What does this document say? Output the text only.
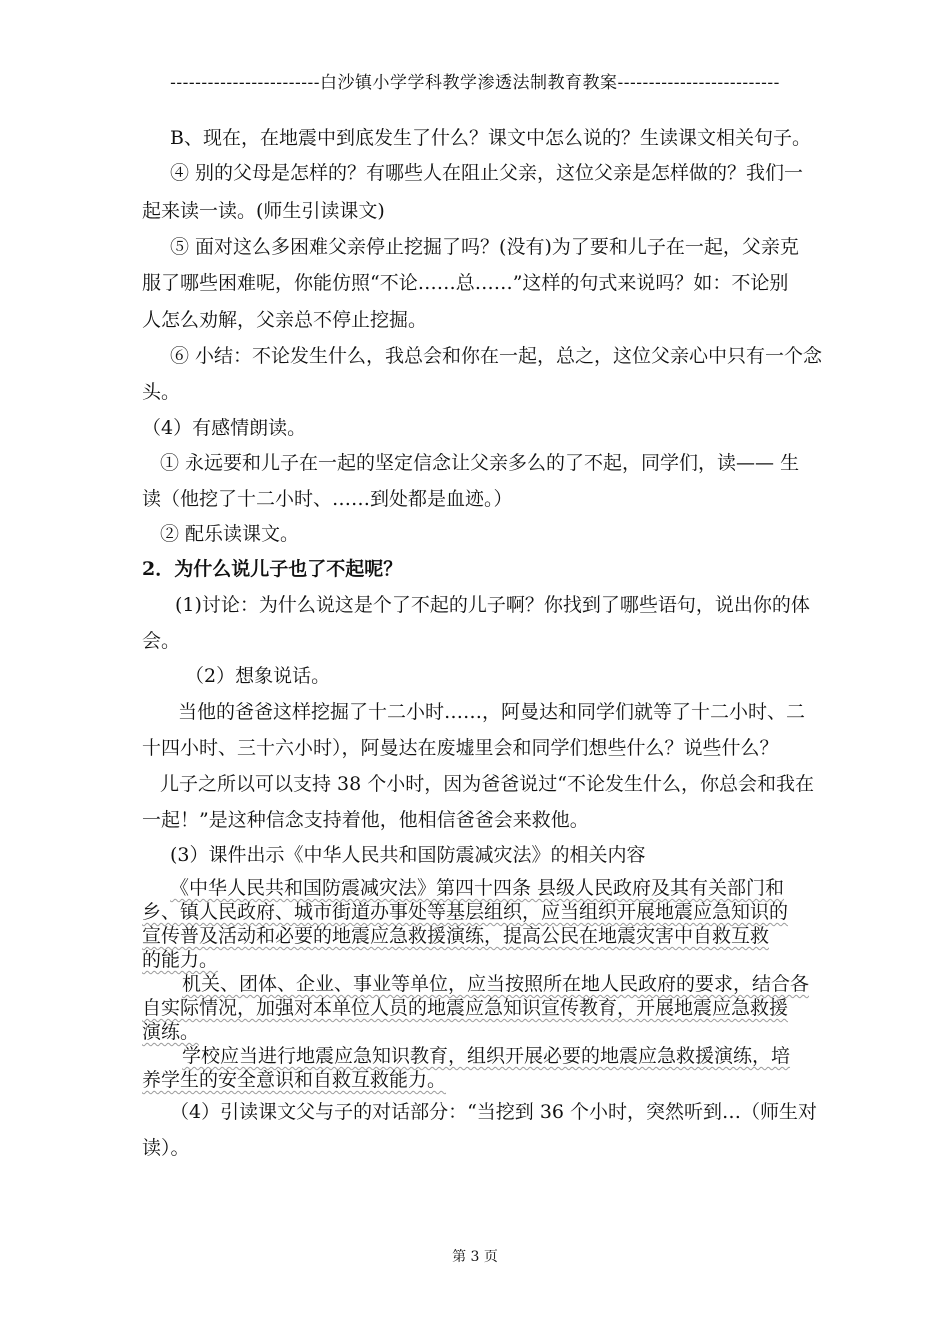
------------------------白沙镇小学学科教学渗透法制教育教案--------------------------
B、现在，在地震中到底发生了什么？课文中怎么说的？生读课文相关句子。
④ 别的父母是怎样的？有哪些人在阻止父亲，这位父亲是怎样做的？我们一
起来读一读。(师生引读课文)
⑤ 面对这么多困难父亲停止挖掘了吗？(没有)为了要和儿子在一起，父亲克
服了哪些困难呢，你能仿照“不论……总……”这样的句式来说吗？如：不论别
人怎么劝解，父亲总不停止挖掘。
⑥ 小结：不论发生什么，我总会和你在一起，总之，这位父亲心中只有一个念
头。
（4）有感情朗读。
① 永远要和儿子在一起的坚定信念让父亲多么的了不起，同学们，读—— 生
读（他挖了十二小时、……到处都是血迹。）
② 配乐读课文。
2．为什么说儿子也了不起呢？
(1)讨论：为什么说这是个了不起的儿子啊？你找到了哪些语句，说出你的体
会。
（2）想象说话。
当他的爸爸这样挖掘了十二小时……，阿曼达和同学们就等了十二小时、二
十四小时、三十六小时），阿曼达在废墟里会和同学们想些什么？说些什么？
儿子之所以可以支持 38 个小时，因为爸爸说过“不论发生什么，你总会和我在
一起！”是这种信念支持着他，他相信爸爸会来救他。
(3）课件出示《中华人民共和国防震减灾法》的相关内容
《中华人民共和国防震减灾法》第四十四条 县级人民政府及其有关部门和
乡、镇人民政府、城市街道办事处等基层组织，应当组织开展地震应急知识的
宣传普及活动和必要的地震应急救援演练，提高公民在地震灾害中自救互救
的能力。
机关、团体、企业、事业等单位，应当按照所在地人民政府的要求，结合各
自实际情况，加强对本单位人员的地震应急知识宣传教育，开展地震应急救援
演练。
学校应当进行地震应急知识教育，组织开展必要的地震应急救援演练，培
养学生的安全意识和自救互救能力。
（4）引读课文父与子的对话部分：“当挖到 36 个小时，突然听到…（师生对
读）。
第 3 页
